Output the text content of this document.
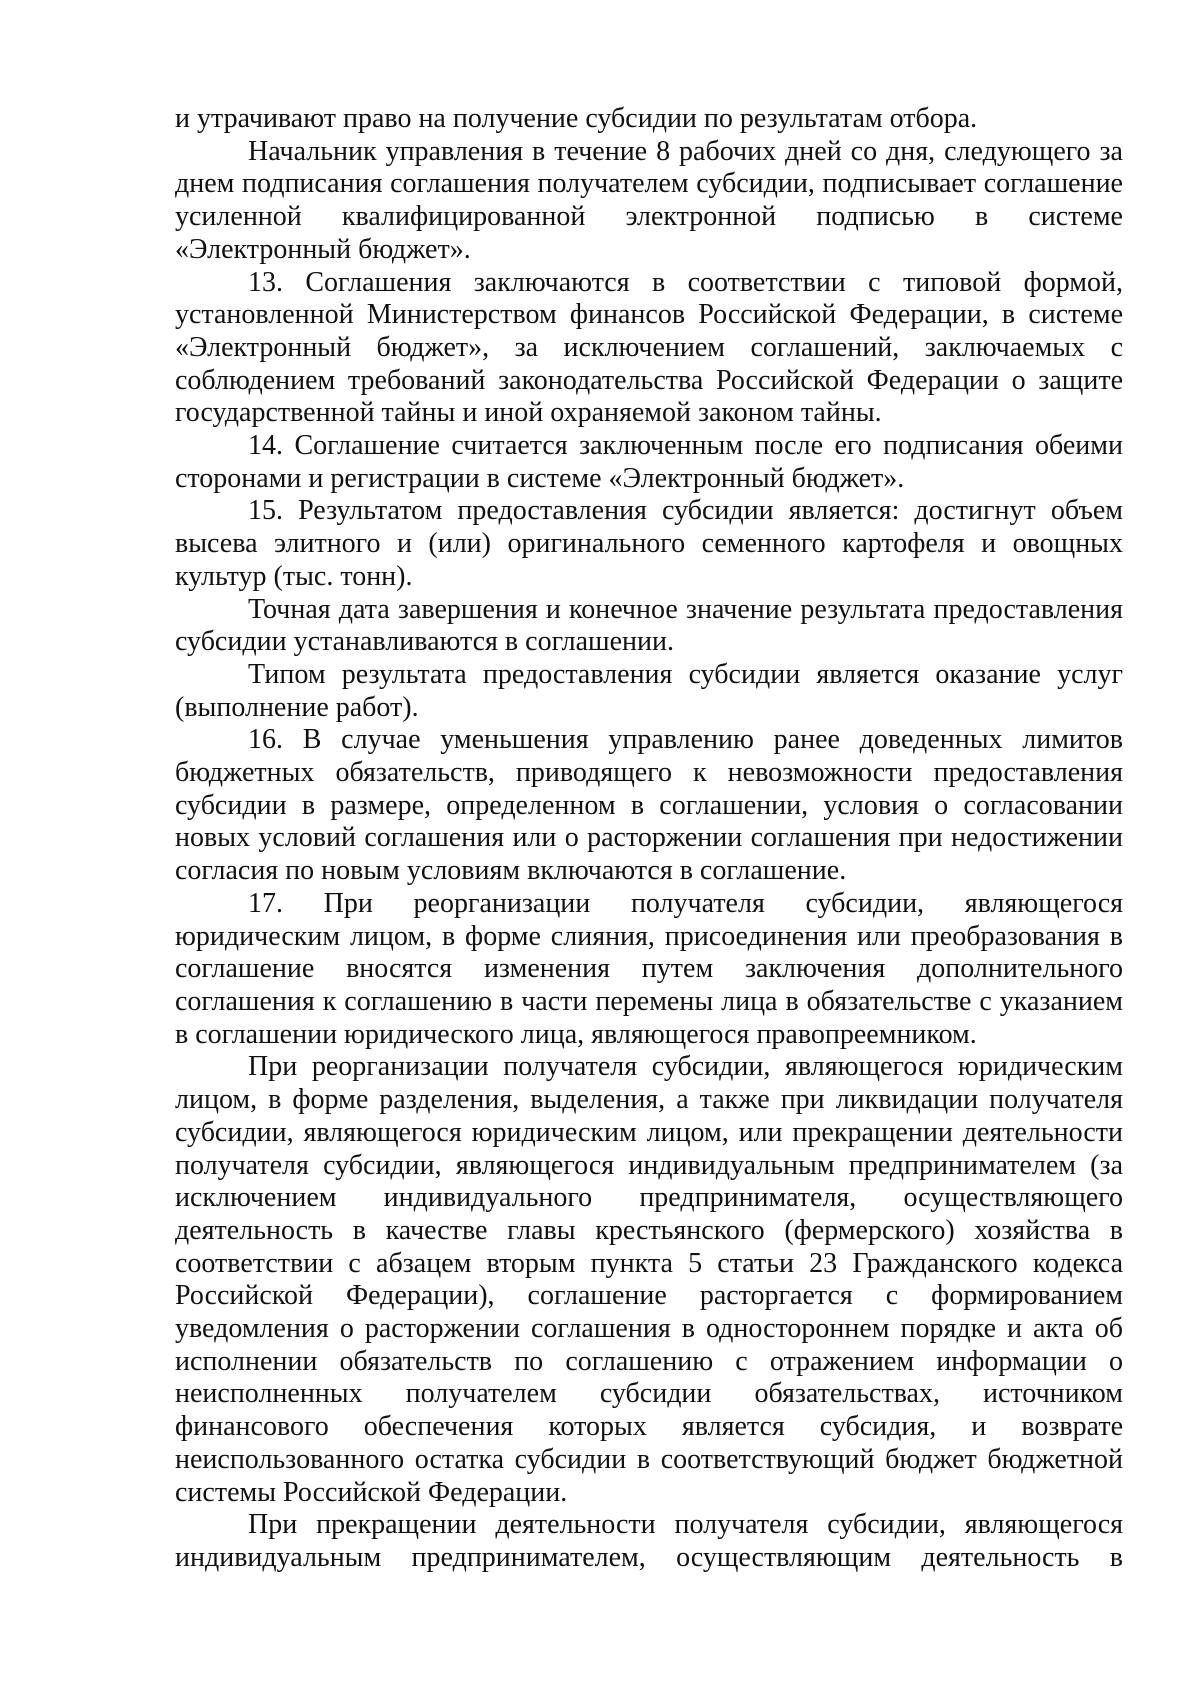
и утрачивают право на получение субсидии по результатам отбора.

Начальник управления в течение 8 рабочих дней со дня, следующего за днем подписания соглашения получателем субсидии, подписывает соглашение усиленной квалифицированной электронной подписью в системе «Электронный бюджет».

13. Соглашения заключаются в соответствии с типовой формой, установленной Министерством финансов Российской Федерации, в системе «Электронный бюджет», за исключением соглашений, заключаемых с соблюдением требований законодательства Российской Федерации о защите государственной тайны и иной охраняемой законом тайны.

14. Соглашение считается заключенным после его подписания обеими сторонами и регистрации в системе «Электронный бюджет».

15. Результатом предоставления субсидии является: достигнут объем высева элитного и (или) оригинального семенного картофеля и овощных культур (тыс. тонн).

Точная дата завершения и конечное значение результата предоставления субсидии устанавливаются в соглашении.

Типом результата предоставления субсидии является оказание услуг (выполнение работ).

16. В случае уменьшения управлению ранее доведенных лимитов бюджетных обязательств, приводящего к невозможности предоставления субсидии в размере, определенном в соглашении, условия о согласовании новых условий соглашения или о расторжении соглашения при недостижении согласия по новым условиям включаются в соглашение.

17. При реорганизации получателя субсидии, являющегося юридическим лицом, в форме слияния, присоединения или преобразования в соглашение вносятся изменения путем заключения дополнительного соглашения к соглашению в части перемены лица в обязательстве с указанием в соглашении юридического лица, являющегося правопреемником.

При реорганизации получателя субсидии, являющегося юридическим лицом, в форме разделения, выделения, а также при ликвидации получателя субсидии, являющегося юридическим лицом, или прекращении деятельности получателя субсидии, являющегося индивидуальным предпринимателем (за исключением индивидуального предпринимателя, осуществляющего деятельность в качестве главы крестьянского (фермерского) хозяйства в соответствии с абзацем вторым пункта 5 статьи 23 Гражданского кодекса Российской Федерации), соглашение расторгается с формированием уведомления о расторжении соглашения в одностороннем порядке и акта об исполнении обязательств по соглашению с отражением информации о неисполненных получателем субсидии обязательствах, источником финансового обеспечения которых является субсидия, и возврате неиспользованного остатка субсидии в соответствующий бюджет бюджетной системы Российской Федерации.

При прекращении деятельности получателя субсидии, являющегося индивидуальным предпринимателем, осуществляющим деятельность в
